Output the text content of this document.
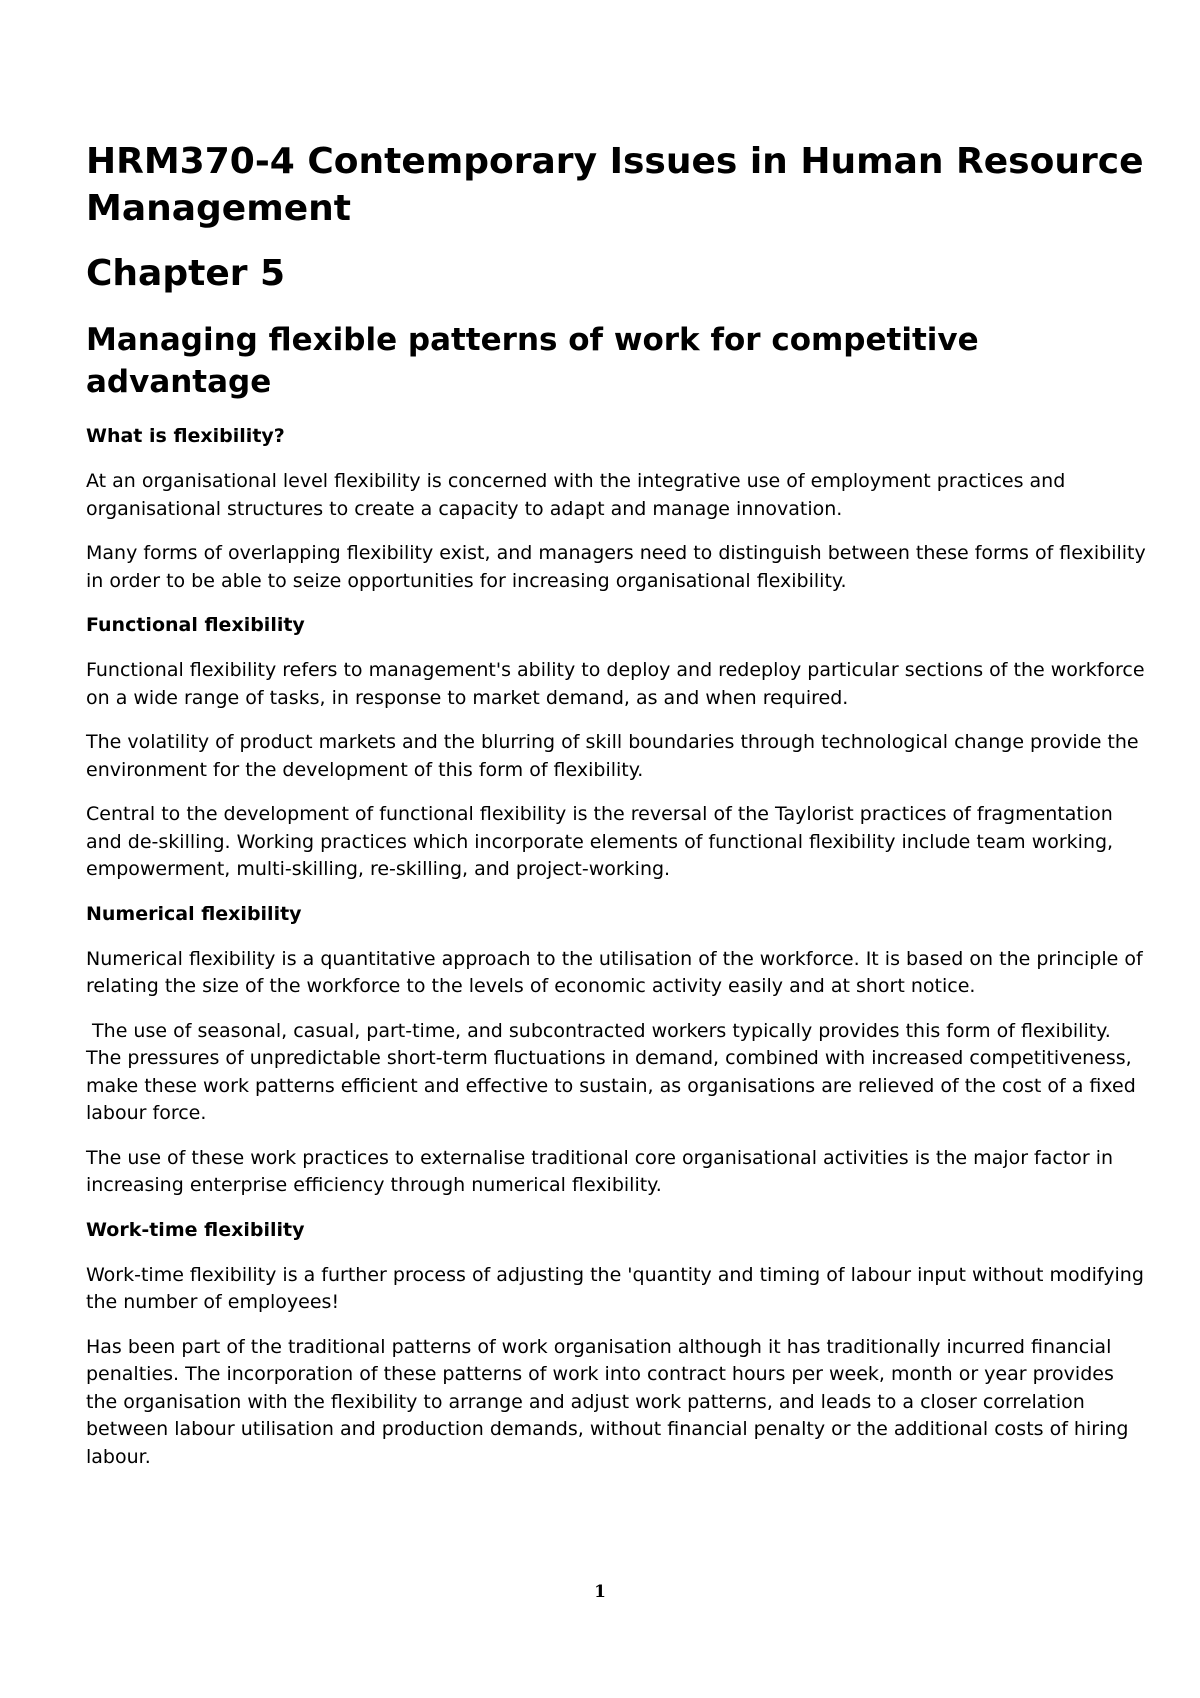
HRM370-4 Contemporary Issues in Human Resource Management
Chapter 5
Managing flexible patterns of work for competitive advantage
What is flexibility?

At an organisational level flexibility is concerned with the integrative use of employment practices and organisational structures to create a capacity to adapt and manage innovation.

Many forms of overlapping flexibility exist, and managers need to distinguish between these forms of flexibility in order to be able to seize opportunities for increasing organisational flexibility.

Functional flexibility

Functional flexibility refers to management's ability to deploy and redeploy particular sections of the workforce on a wide range of tasks, in response to market demand, as and when required.

The volatility of product markets and the blurring of skill boundaries through technological change provide the environment for the development of this form of flexibility.

Central to the development of functional flexibility is the reversal of the Taylorist practices of fragmentation and de-skilling. Working practices which incorporate elements of functional flexibility include team working, empowerment, multi-skilling, re-skilling, and project-working.

Numerical flexibility

Numerical flexibility is a quantitative approach to the utilisation of the workforce. It is based on the principle of relating the size of the workforce to the levels of economic activity easily and at short notice.

The use of seasonal, casual, part-time, and subcontracted workers typically provides this form of flexibility. The pressures of unpredictable short-term fluctuations in demand, combined with increased competitiveness, make these work patterns efficient and effective to sustain, as organisations are relieved of the cost of a fixed labour force.

The use of these work practices to externalise traditional core organisational activities is the major factor in increasing enterprise efficiency through numerical flexibility.

Work-time flexibility

Work-time flexibility is a further process of adjusting the 'quantity and timing of labour input without modifying the number of employees!

Has been part of the traditional patterns of work organisation although it has traditionally incurred financial penalties. The incorporation of these patterns of work into contract hours per week, month or year provides the organisation with the flexibility to arrange and adjust work patterns, and leads to a closer correlation between labour utilisation and production demands, without financial penalty or the additional costs of hiring labour.

1
